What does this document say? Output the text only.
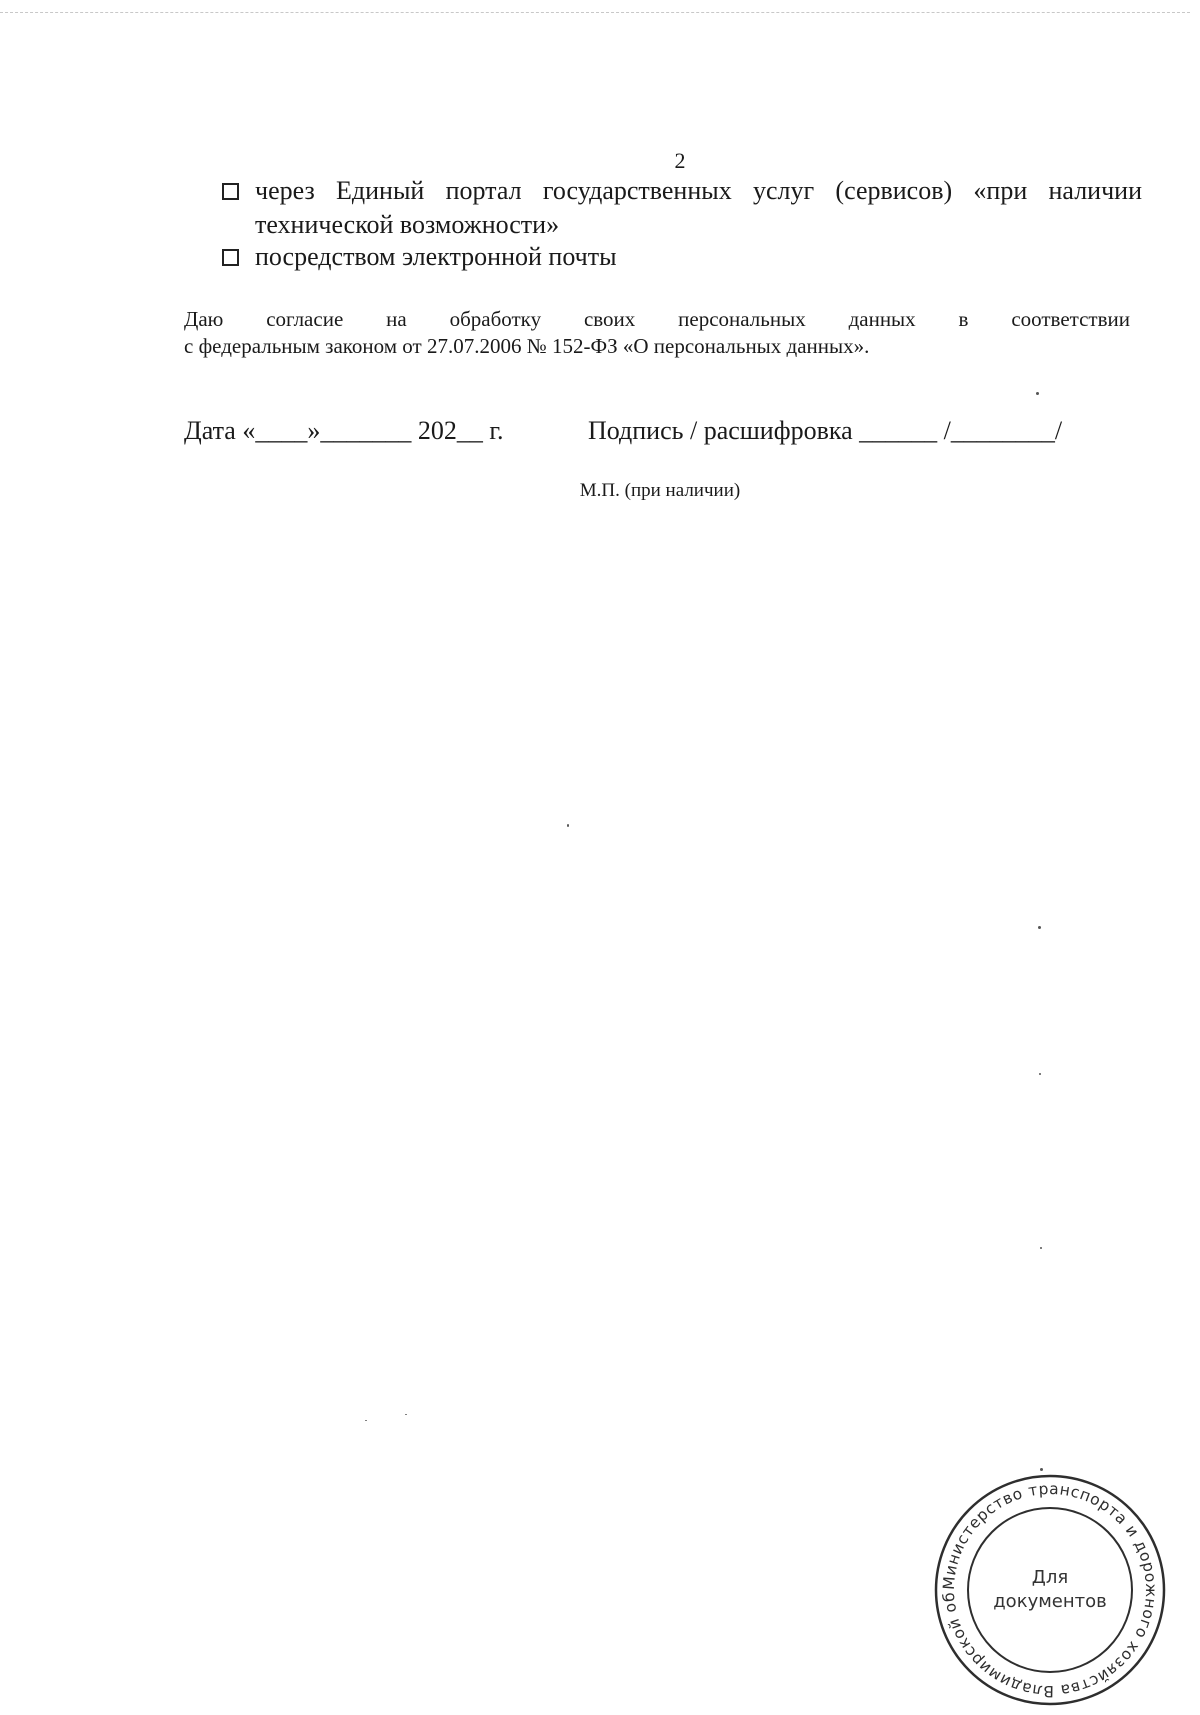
2
через Единый портал государственных услуг (сервисов) «при наличии технической возможности»
посредством электронной почты
Даю согласие на обработку своих персональных данных в соответствии
с федеральным законом от 27.07.2006 № 152-ФЗ «О персональных данных».
Дата «____»_______ 202__ г.	Подпись / расшифровка ______ /________/
М.П. (при наличии)
Министерство транспорта и дорожного хозяйства Владимирской об
Для
документов
